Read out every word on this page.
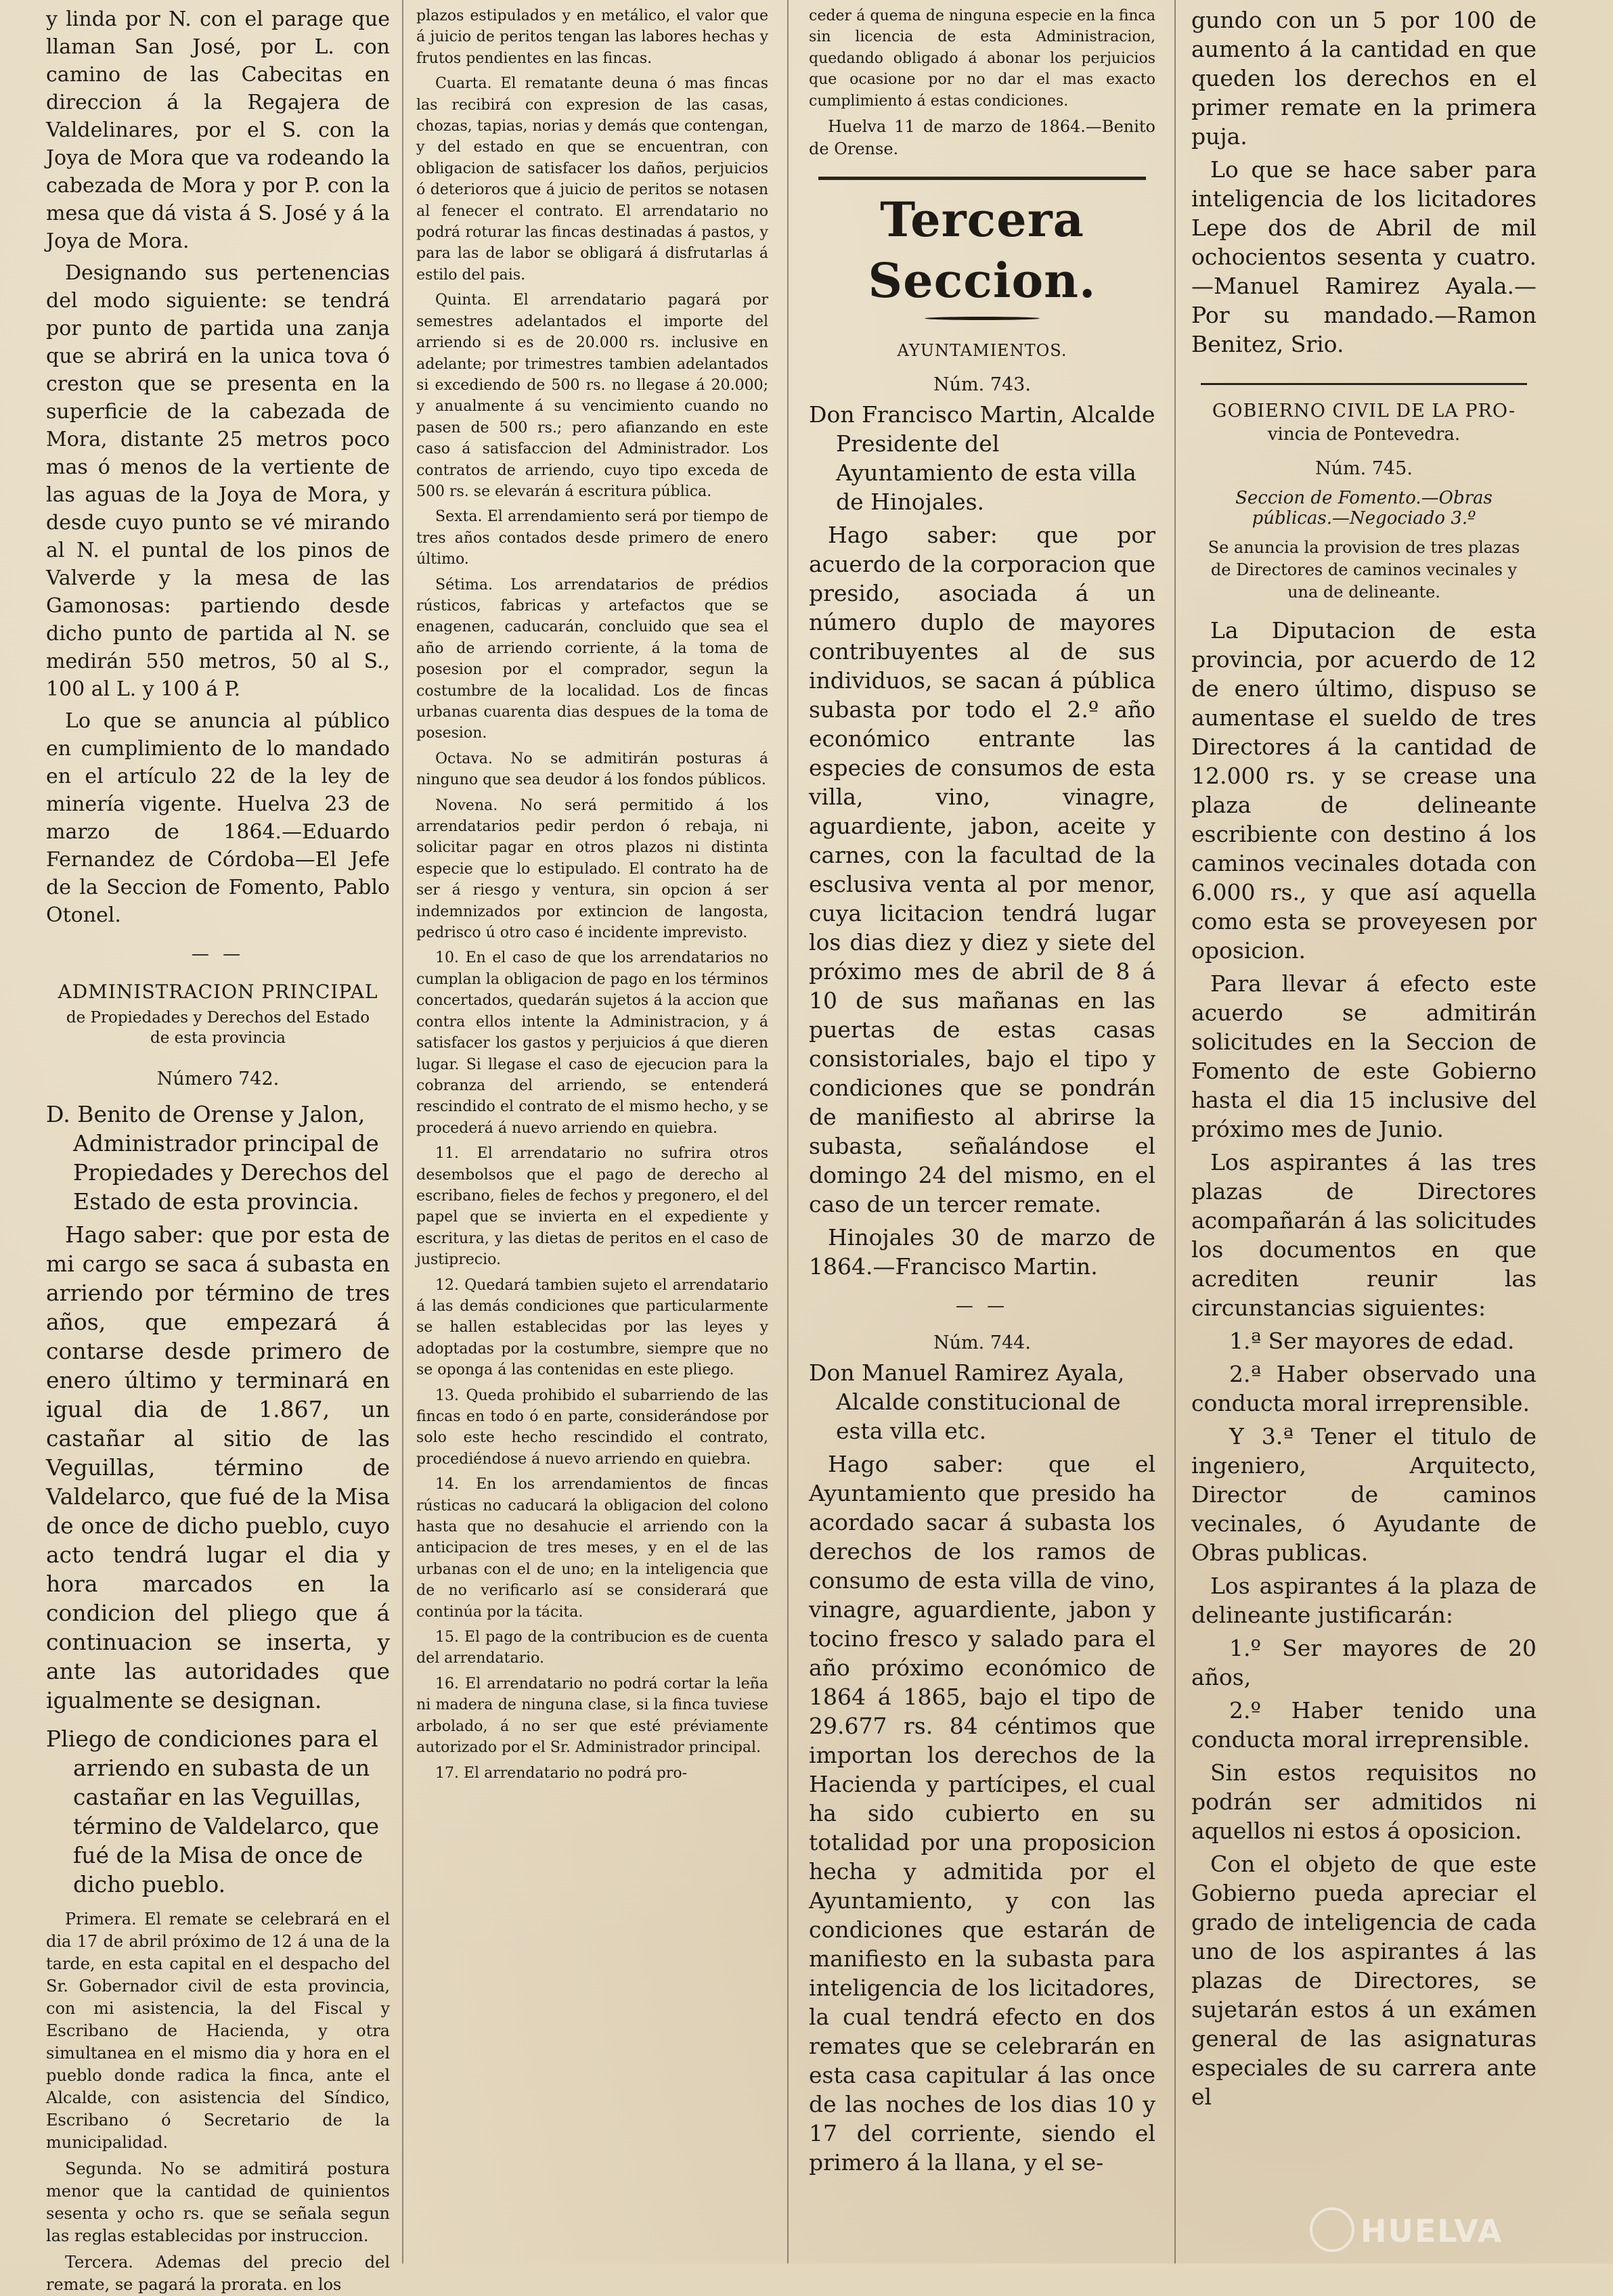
y linda por N. con el parage que llaman San José, por L. con camino de las Cabecitas en direccion á la Regajera de Valdelinares, por el S. con la Joya de Mora que va rodeando la cabezada de Mora y por P. con la mesa que dá vista á S. José y á la Joya de Mora.

Designando sus pertenencias del modo siguiente: se tendrá por punto de partida una zanja que se abrirá en la unica tova ó creston que se presenta en la superficie de la cabezada de Mora, distante 25 metros poco mas ó menos de la vertiente de las aguas de la Joya de Mora, y desde cuyo punto se vé mirando al N. el puntal de los pinos de Valverde y la mesa de las Gamonosas: partiendo desde dicho punto de partida al N. se medirán 550 metros, 50 al S., 100 al L. y 100 á P.

Lo que se anuncia al público en cumplimiento de lo mandado en el artículo 22 de la ley de minería vigente. Huelva 23 de marzo de 1864.—Eduardo Fernandez de Córdoba—El Jefe de la Seccion de Fomento, Pablo Otonel.

— —
ADMINISTRACION PRINCIPAL
de Propiedades y Derechos del Estado de esta provincia
Número 742.

D. Benito de Orense y Jalon, Administrador principal de Propiedades y Derechos del Estado de esta provincia.

Hago saber: que por esta de mi cargo se saca á subasta en arriendo por término de tres años, que empezará á contarse desde primero de enero último y terminará en igual dia de 1.867, un castañar al sitio de las Veguillas, término de Valdelarco, que fué de la Misa de once de dicho pueblo, cuyo acto tendrá lugar el dia y hora marcados en la condicion del pliego que á continuacion se inserta, y ante las autoridades que igualmente se designan.

Pliego de condiciones para el arriendo en subasta de un castañar en las Veguillas, término de Valdelarco, que fué de la Misa de once de dicho pueblo.

Primera. El remate se celebrará en el dia 17 de abril próximo de 12 á una de la tarde, en esta capital en el despacho del Sr. Gobernador civil de esta provincia, con mi asistencia, la del Fiscal y Escribano de Hacienda, y otra simultanea en el mismo dia y hora en el pueblo donde radica la finca, ante el Alcalde, con asistencia del Síndico, Escribano ó Secretario de la municipalidad.

Segunda. No se admitirá postura menor que la cantidad de quinientos sesenta y ocho rs. que se señala segun las reglas establecidas por instruccion.

Tercera. Ademas del precio del remate, se pagará la prorata. en los

plazos estipulados y en metálico, el valor que á juicio de peritos tengan las labores hechas y frutos pendientes en las fincas.

Cuarta. El rematante deuna ó mas fincas las recibirá con expresion de las casas, chozas, tapias, norias y demás que contengan, y del estado en que se encuentran, con obligacion de satisfacer los daños, perjuicios ó deterioros que á juicio de peritos se notasen al fenecer el contrato. El arrendatario no podrá roturar las fincas destinadas á pastos, y para las de labor se obligará á disfrutarlas á estilo del pais.

Quinta. El arrendatario pagará por semestres adelantados el importe del arriendo si es de 20.000 rs. inclusive en adelante; por trimestres tambien adelantados si excediendo de 500 rs. no llegase á 20.000; y anualmente á su vencimiento cuando no pasen de 500 rs.; pero afianzando en este caso á satisfaccion del Administrador. Los contratos de arriendo, cuyo tipo exceda de 500 rs. se elevarán á escritura pública.

Sexta. El arrendamiento será por tiempo de tres años contados desde primero de enero último.

Sétima. Los arrendatarios de prédios rústicos, fabricas y artefactos que se enagenen, caducarán, concluido que sea el año de arriendo corriente, á la toma de posesion por el comprador, segun la costumbre de la localidad. Los de fincas urbanas cuarenta dias despues de la toma de posesion.

Octava. No se admitirán posturas á ninguno que sea deudor á los fondos públicos.

Novena. No será permitido á los arrendatarios pedir perdon ó rebaja, ni solicitar pagar en otros plazos ni distinta especie que lo estipulado. El contrato ha de ser á riesgo y ventura, sin opcion á ser indemnizados por extincion de langosta, pedrisco ú otro caso é incidente imprevisto.

10. En el caso de que los arrendatarios no cumplan la obligacion de pago en los términos concertados, quedarán sujetos á la accion que contra ellos intente la Administracion, y á satisfacer los gastos y perjuicios á que dieren lugar. Si llegase el caso de ejecucion para la cobranza del arriendo, se entenderá rescindido el contrato de el mismo hecho, y se procederá á nuevo arriendo en quiebra.

11. El arrendatario no sufrira otros desembolsos que el pago de derecho al escribano, fieles de fechos y pregonero, el del papel que se invierta en el expediente y escritura, y las dietas de peritos en el caso de justiprecio.

12. Quedará tambien sujeto el arrendatario á las demás condiciones que particularmente se hallen establecidas por las leyes y adoptadas por la costumbre, siempre que no se oponga á las contenidas en este pliego.

13. Queda prohibido el subarriendo de las fincas en todo ó en parte, considerándose por solo este hecho rescindido el contrato, procediéndose á nuevo arriendo en quiebra.

14. En los arrendamientos de fincas rústicas no caducará la obligacion del colono hasta que no desahucie el arriendo con la anticipacion de tres meses, y en el de las urbanas con el de uno; en la inteligencia que de no verificarlo así se considerará que continúa por la tácita.

15. El pago de la contribucion es de cuenta del arrendatario.

16. El arrendatario no podrá cortar la leña ni madera de ninguna clase, si la finca tuviese arbolado, á no ser que esté préviamente autorizado por el Sr. Administrador principal.

17. El arrendatario no podrá pro-

ceder á quema de ninguna especie en la finca sin licencia de esta Administracion, quedando obligado á abonar los perjuicios que ocasione por no dar el mas exacto cumplimiento á estas condiciones.

Huelva 11 de marzo de 1864.—Benito de Orense.

Tercera Seccion.
AYUNTAMIENTOS.
Núm. 743.

Don Francisco Martin, Alcalde Presidente del Ayuntamiento de esta villa de Hinojales.

Hago saber: que por acuerdo de la corporacion que presido, asociada á un número duplo de mayores contribuyentes al de sus individuos, se sacan á pública subasta por todo el 2.º año económico entrante las especies de consumos de esta villa, vino, vinagre, aguardiente, jabon, aceite y carnes, con la facultad de la esclusiva venta al por menor, cuya licitacion tendrá lugar los dias diez y diez y siete del próximo mes de abril de 8 á 10 de sus mañanas en las puertas de estas casas consistoriales, bajo el tipo y condiciones que se pondrán de manifiesto al abrirse la subasta, señalándose el domingo 24 del mismo, en el caso de un tercer remate.

Hinojales 30 de marzo de 1864.—Francisco Martin.

— —
Núm. 744.

Don Manuel Ramirez Ayala, Alcalde constitucional de esta villa etc.

Hago saber: que el Ayuntamiento que presido ha acordado sacar á subasta los derechos de los ramos de consumo de esta villa de vino, vinagre, aguardiente, jabon y tocino fresco y salado para el año próximo económico de 1864 á 1865, bajo el tipo de 29.677 rs. 84 céntimos que importan los derechos de la Hacienda y partícipes, el cual ha sido cubierto en su totalidad por una proposicion hecha y admitida por el Ayuntamiento, y con las condiciones que estarán de manifiesto en la subasta para inteligencia de los licitadores, la cual tendrá efecto en dos remates que se celebrarán en esta casa capitular á las once de las noches de los dias 10 y 17 del corriente, siendo el primero á la llana, y el se-

gundo con un 5 por 100 de aumento á la cantidad en que queden los derechos en el primer remate en la primera puja.

Lo que se hace saber para inteligencia de los licitadores Lepe dos de Abril de mil ochocientos sesenta y cuatro. —Manuel Ramirez Ayala.— Por su mandado.—Ramon Benitez, Srio.

GOBIERNO CIVIL DE LA PRO-
vincia de Pontevedra.
Núm. 745.
Seccion de Fomento.—Obras públicas.—Negociado 3.º

Se anuncia la provision de tres plazas de Directores de caminos vecinales y una de delineante.

La Diputacion de esta provincia, por acuerdo de 12 de enero último, dispuso se aumentase el sueldo de tres Directores á la cantidad de 12.000 rs. y se crease una plaza de delineante escribiente con destino á los caminos vecinales dotada con 6.000 rs., y que así aquella como esta se proveyesen por oposicion.

Para llevar á efecto este acuerdo se admitirán solicitudes en la Seccion de Fomento de este Gobierno hasta el dia 15 inclusive del próximo mes de Junio.

Los aspirantes á las tres plazas de Directores acompañarán á las solicitudes los documentos en que acrediten reunir las circunstancias siguientes:

1.ª Ser mayores de edad.

2.ª Haber observado una conducta moral irreprensible.

Y 3.ª Tener el titulo de ingeniero, Arquitecto, Director de caminos vecinales, ó Ayudante de Obras publicas.

Los aspirantes á la plaza de delineante justificarán:

1.º Ser mayores de 20 años,

2.º Haber tenido una conducta moral irreprensible.

Sin estos requisitos no podrán ser admitidos ni aquellos ni estos á oposicion.

Con el objeto de que este Gobierno pueda apreciar el grado de inteligencia de cada uno de los aspirantes á las plazas de Directores, se sujetarán estos á un exámen general de las asignaturas especiales de su carrera ante el

HUELVA
